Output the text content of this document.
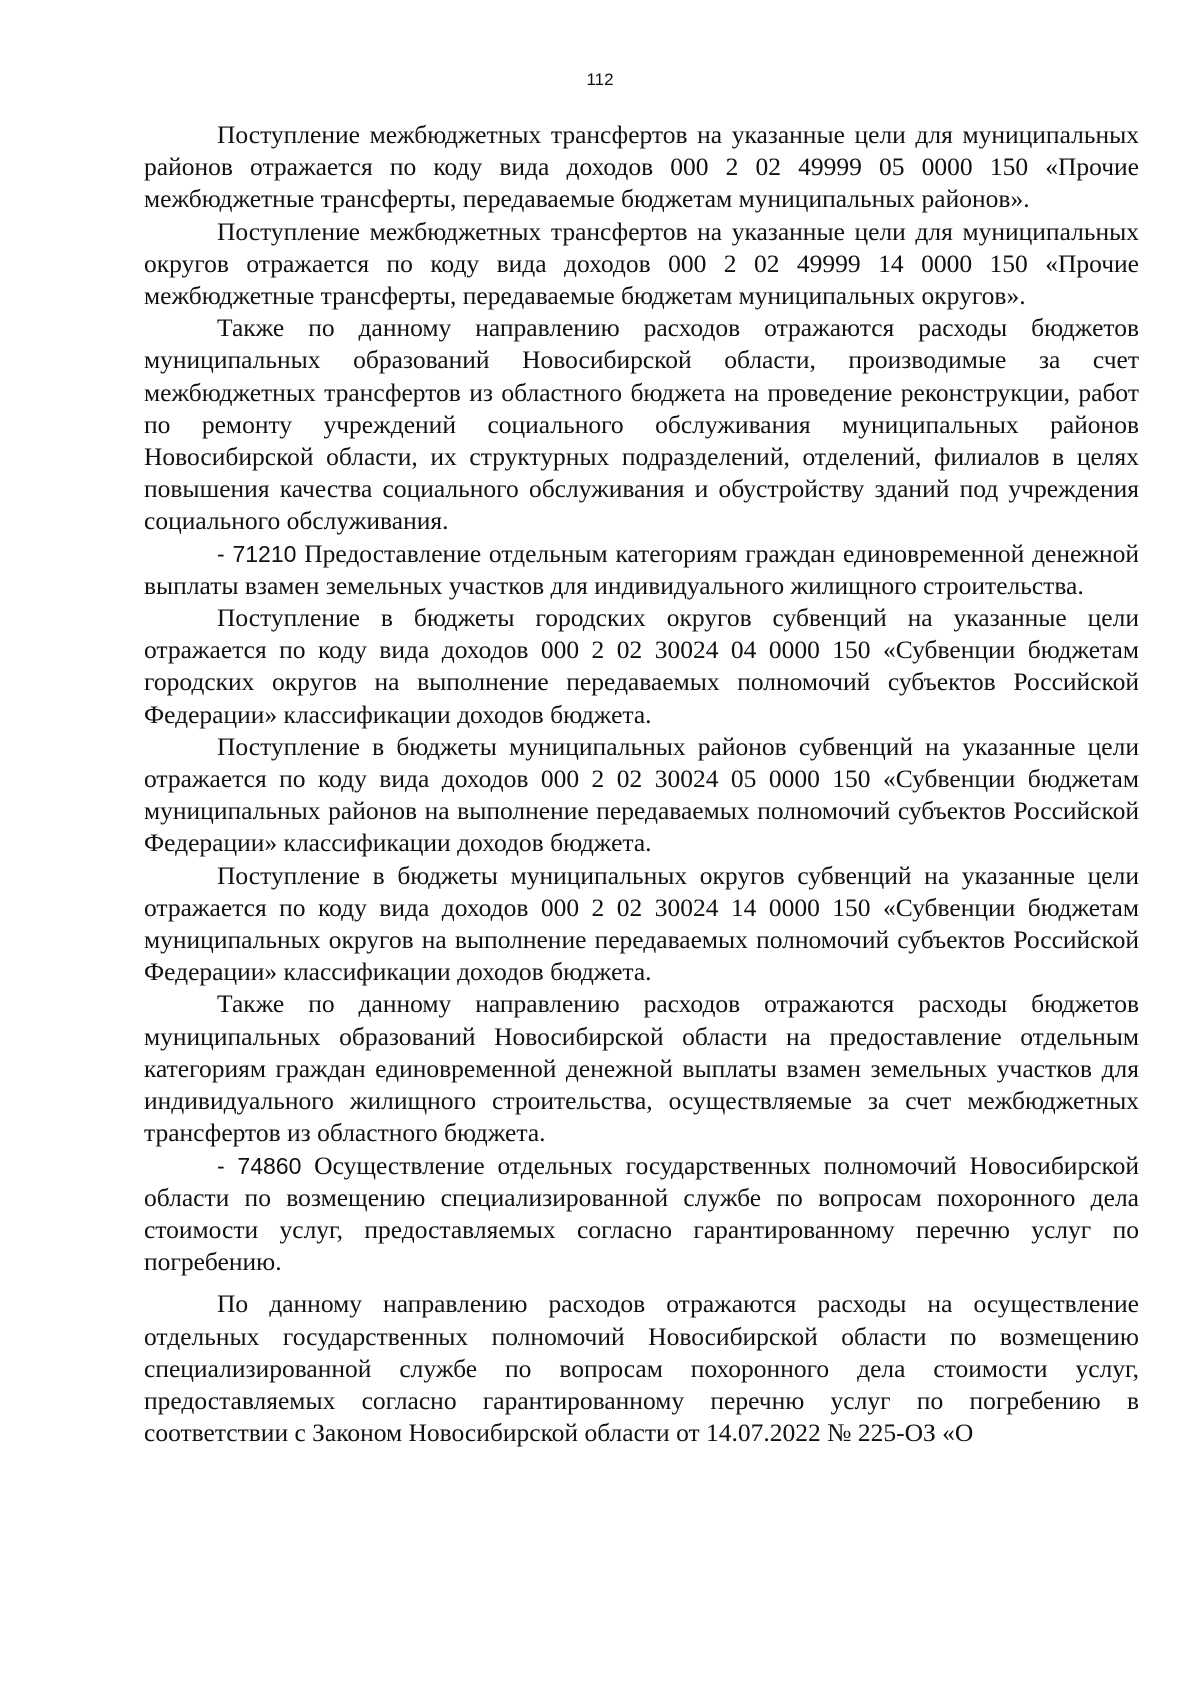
112

Поступление межбюджетных трансфертов на указанные цели для муниципальных районов отражается по коду вида доходов 000 2 02 49999 05 0000 150 «Прочие межбюджетные трансферты, передаваемые бюджетам муниципальных районов».

Поступление межбюджетных трансфертов на указанные цели для муниципальных округов отражается по коду вида доходов 000 2 02 49999 14 0000 150 «Прочие межбюджетные трансферты, передаваемые бюджетам муниципальных округов».

Также по данному направлению расходов отражаются расходы бюджетов муниципальных образований Новосибирской области, производимые за счет межбюджетных трансфертов из областного бюджета на проведение реконструкции, работ по ремонту учреждений социального обслуживания муниципальных районов Новосибирской области, их структурных подразделений, отделений, филиалов в целях повышения качества социального обслуживания и обустройству зданий под учреждения социального обслуживания.

- 71210 Предоставление отдельным категориям граждан единовременной денежной выплаты взамен земельных участков для индивидуального жилищного строительства.

Поступление в бюджеты городских округов субвенций на указанные цели отражается по коду вида доходов 000 2 02 30024 04 0000 150 «Субвенции бюджетам городских округов на выполнение передаваемых полномочий субъектов Российской Федерации» классификации доходов бюджета.

Поступление в бюджеты муниципальных районов субвенций на указанные цели отражается по коду вида доходов 000 2 02 30024 05 0000 150 «Субвенции бюджетам муниципальных районов на выполнение передаваемых полномочий субъектов Российской Федерации» классификации доходов бюджета.

Поступление в бюджеты муниципальных округов субвенций на указанные цели отражается по коду вида доходов 000 2 02 30024 14 0000 150 «Субвенции бюджетам муниципальных округов на выполнение передаваемых полномочий субъектов Российской Федерации» классификации доходов бюджета.

Также по данному направлению расходов отражаются расходы бюджетов муниципальных образований Новосибирской области на предоставление отдельным категориям граждан единовременной денежной выплаты взамен земельных участков для индивидуального жилищного строительства, осуществляемые за счет межбюджетных трансфертов из областного бюджета.

- 74860 Осуществление отдельных государственных полномочий Новосибирской области по возмещению специализированной службе по вопросам похоронного дела стоимости услуг, предоставляемых согласно гарантированному перечню услуг по погребению.

По данному направлению расходов отражаются расходы на осуществление отдельных государственных полномочий Новосибирской области по возмещению специализированной службе по вопросам похоронного дела стоимости услуг, предоставляемых согласно гарантированному перечню услуг по погребению в соответствии с Законом Новосибирской области от 14.07.2022 № 225-ОЗ «О
